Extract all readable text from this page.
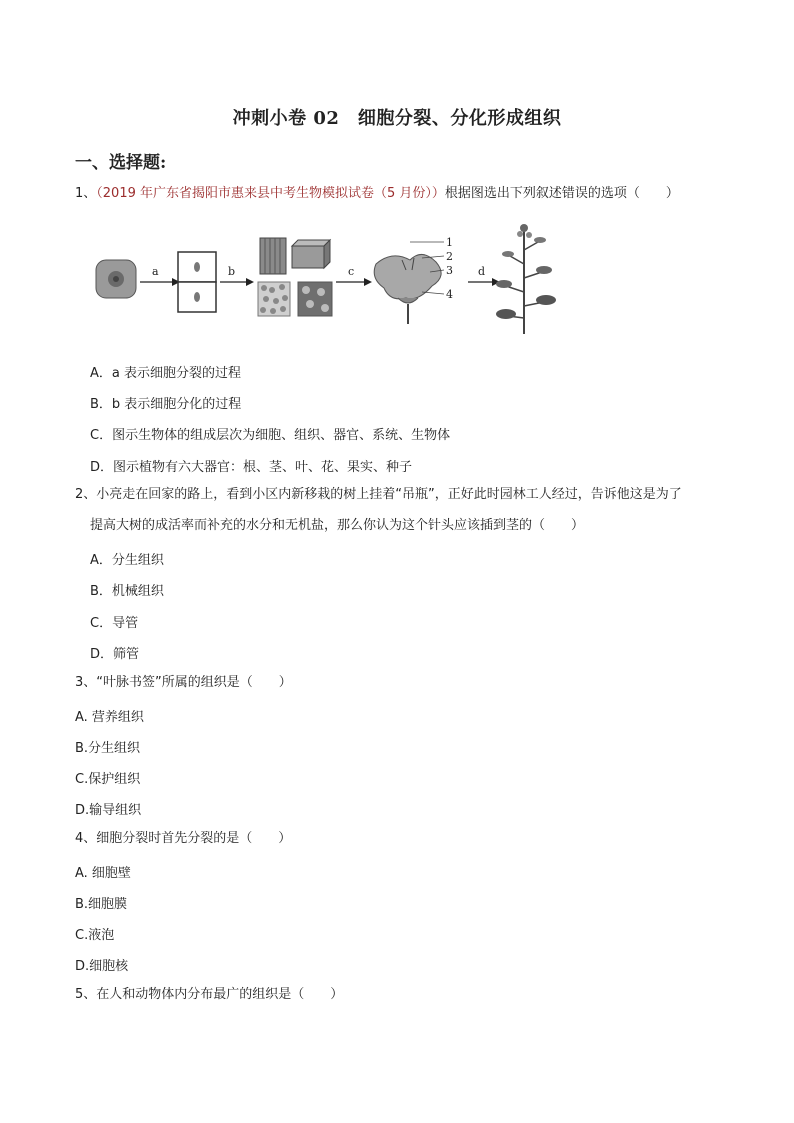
冲刺小卷 02　细胞分裂、分化形成组织
一、选择题:
1、（2019 年广东省揭阳市惠来县中考生物模拟试卷（5 月份））根据图选出下列叙述错误的选项（　　）
a	b	c
1
2
3
4
d
A．a 表示细胞分裂的过程
B．b 表示细胞分化的过程
C．图示生物体的组成层次为细胞、组织、器官、系统、生物体
D．图示植物有六大器官：根、茎、叶、花、果实、种子
2、小亮走在回家的路上，看到小区内新移栽的树上挂着“吊瓶”，正好此时园林工人经过，告诉他这是为了
提高大树的成活率而补充的水分和无机盐，那么你认为这个针头应该插到茎的（　　）
A．分生组织
B．机械组织
C．导管
D．筛管
3、“叶脉书签”所属的组织是（　　）
A. 营养组织
B.分生组织
C.保护组织
D.输导组织
4、细胞分裂时首先分裂的是（　　）
A. 细胞壁
B.细胞膜
C.液泡
D.细胞核
5、在人和动物体内分布最广的组织是（　　）
